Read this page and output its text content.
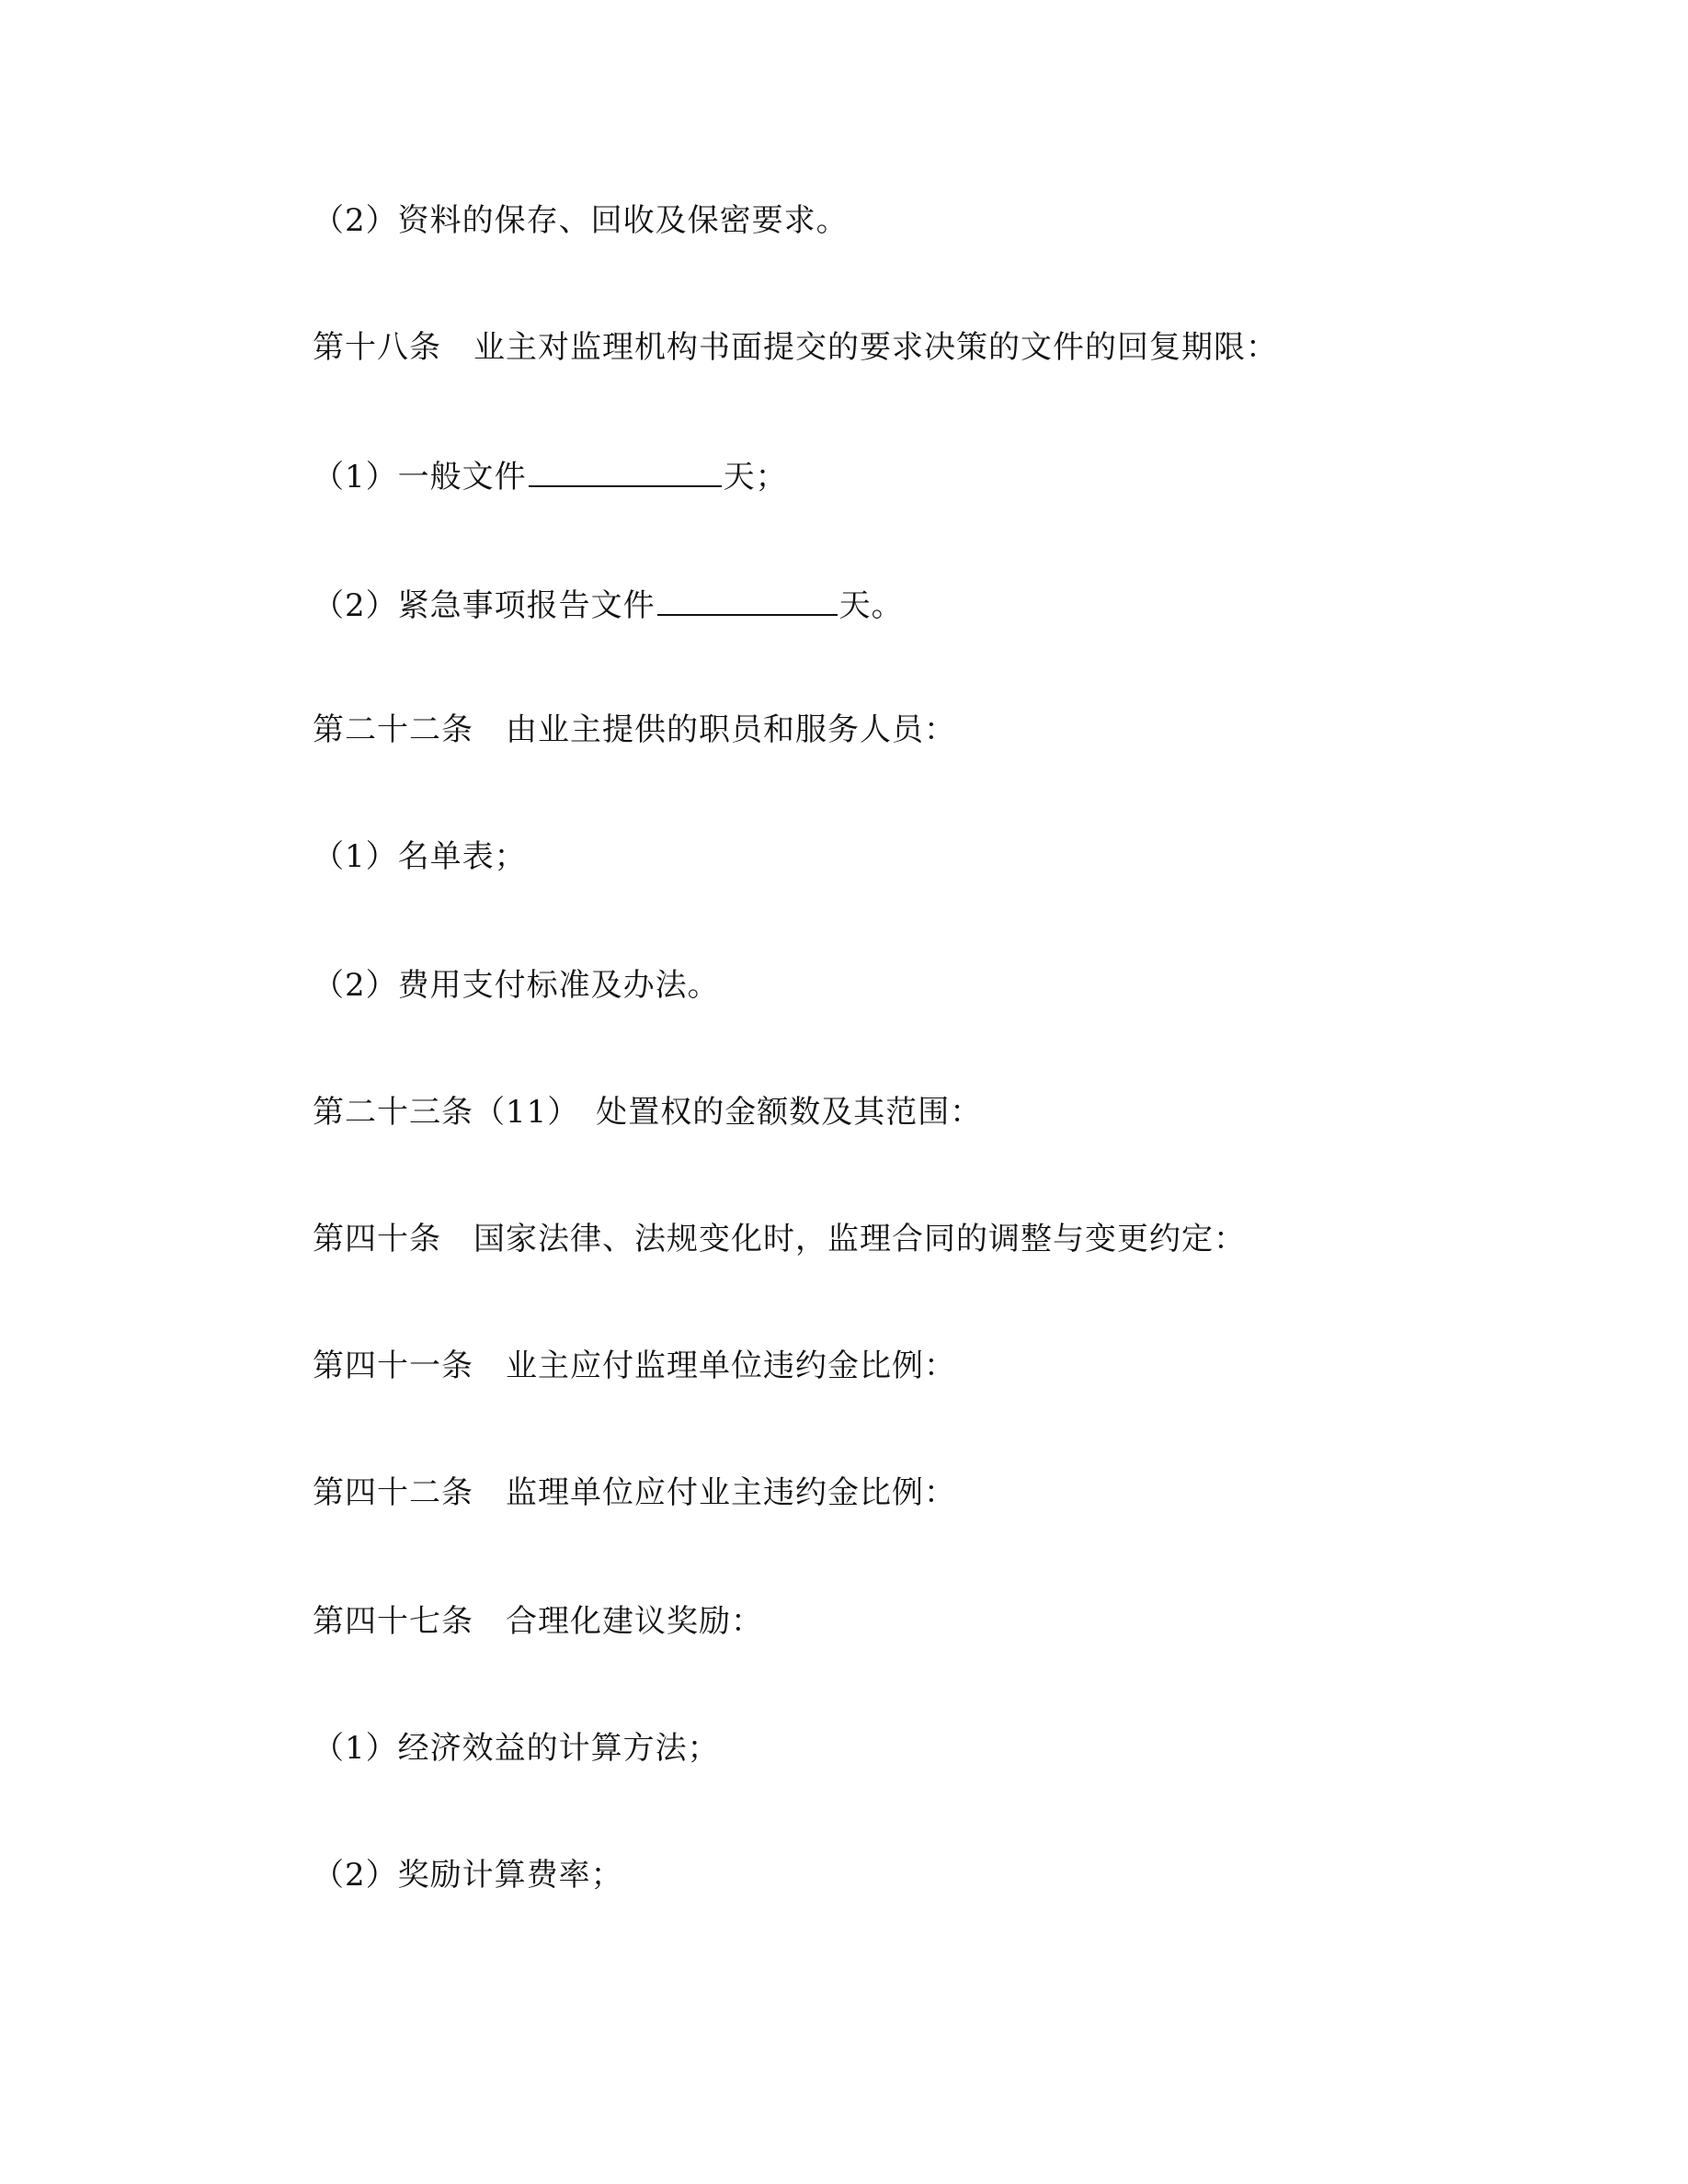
（2）资料的保存、回收及保密要求。
第十八条　业主对监理机构书面提交的要求决策的文件的回复期限：
（1）一般文件	天；
（2）紧急事项报告文件	天。
第二十二条　由业主提供的职员和服务人员：
（1）名单表；
（2）费用支付标准及办法。
第二十三条（11）　处置权的金额数及其范围：
第四十条　国家法律、法规变化时，监理合同的调整与变更约定：
第四十一条　业主应付监理单位违约金比例：
第四十二条　监理单位应付业主违约金比例：
第四十七条　合理化建议奖励：
（1）经济效益的计算方法；
（2）奖励计算费率；
